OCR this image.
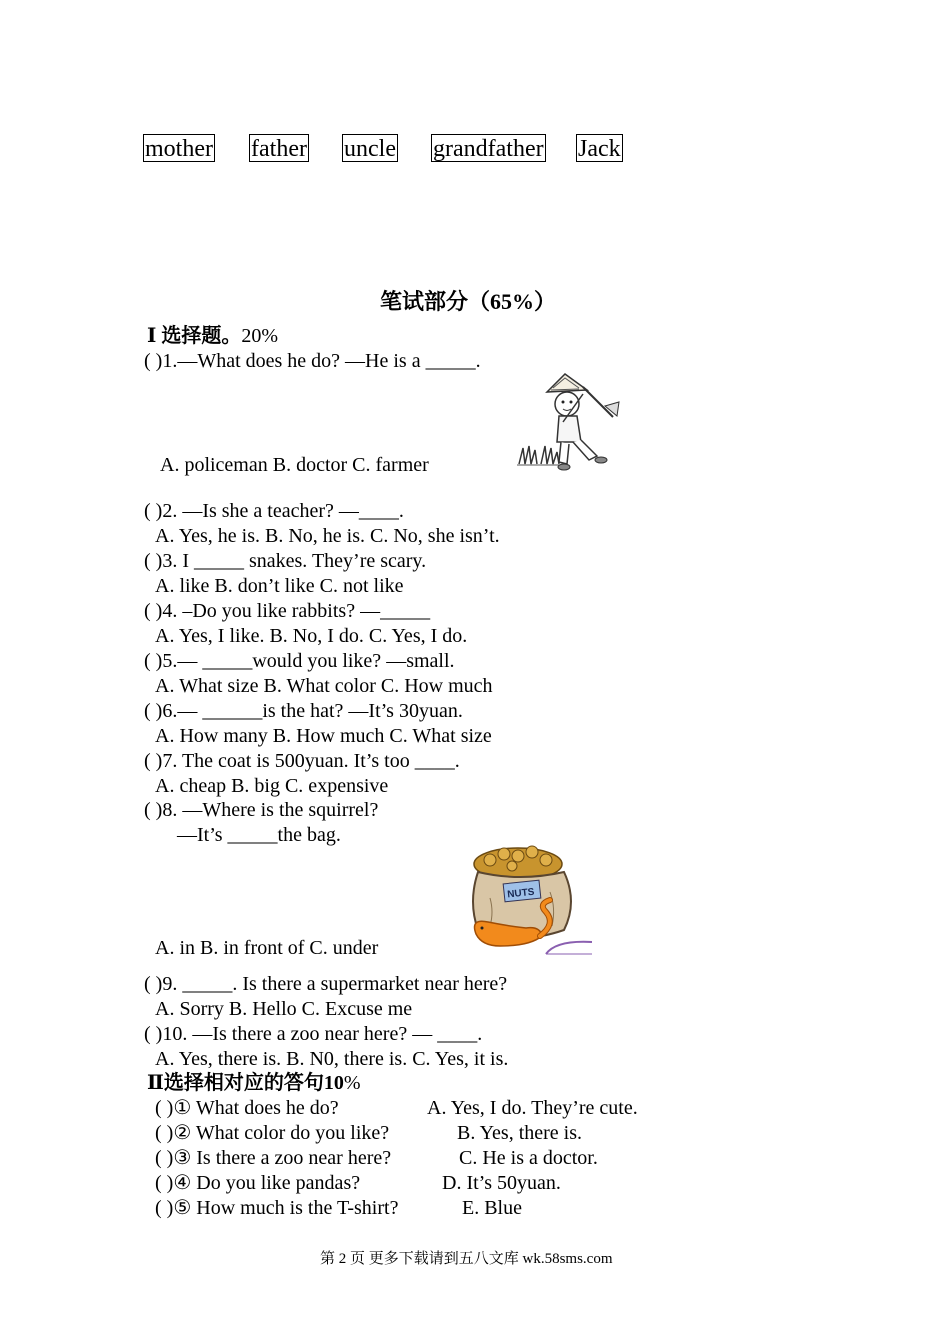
mother father uncle grandfather Jack
笔试部分（65%）
Ⅰ 选择题。20%
( )1.—What does he do? —He is a _____.
A. policeman B. doctor C. farmer
( )2. —Is she a teacher? —____.
A. Yes, he is. B. No, he is. C. No, she isn’t.
( )3. I _____ snakes. They’re scary.
A. like B. don’t like C. not like
( )4. –Do you like rabbits? —_____
A. Yes, I like. B. No, I do. C. Yes, I do.
( )5.— _____would you like? —small.
A. What size B. What color C. How much
( )6.— ______is the hat? —It’s 30yuan.
A. How many B. How much C. What size
( )7. The coat is 500yuan. It’s too ____.
A. cheap B. big C. expensive
( )8. —Where is the squirrel?
—It’s _____the bag.
NUTS
A. in B. in front of C. under
( )9. _____. Is there a supermarket near here?
A. Sorry B. Hello C. Excuse me
( )10. —Is there a zoo near here? — ____.
A. Yes, there is. B. N0, there is. C. Yes, it is.
Ⅱ选择相对应的答句10%
( )① What does he do?	A. Yes, I do. They’re cute.
( )② What color do you like?	B. Yes, there is.
( )③ Is there a zoo near here?	C. He is a doctor.
( )④ Do you like pandas?	D. It’s 50yuan.
( )⑤ How much is the T-shirt?	E. Blue
第 2 页 更多下载请到五八文库 wk.58sms.com
